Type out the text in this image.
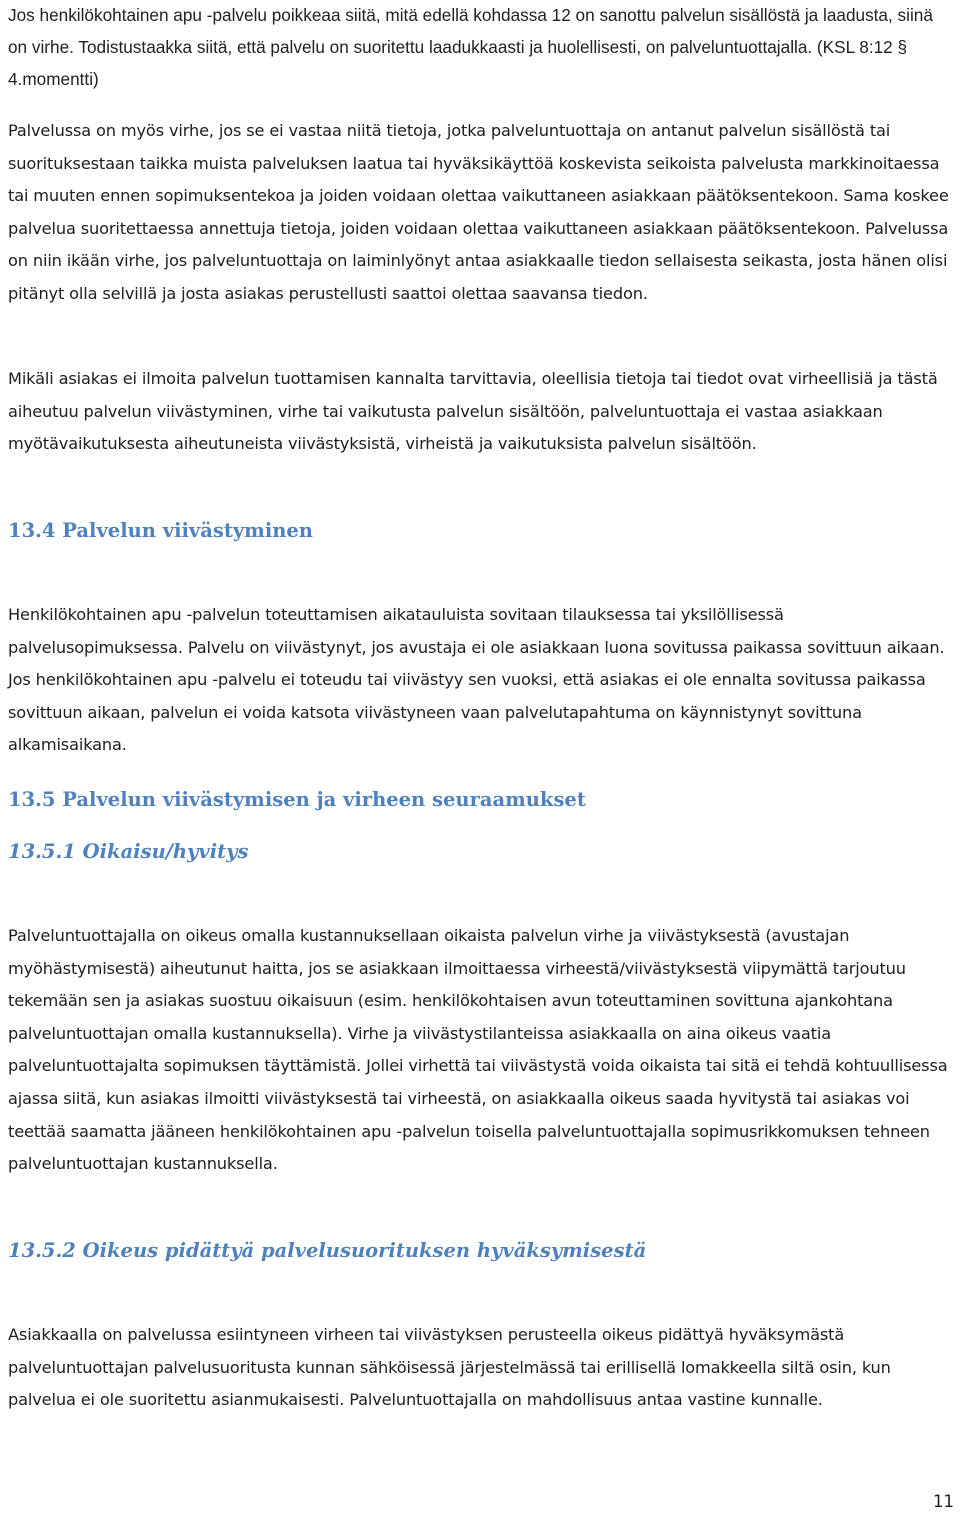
Jos henkilökohtainen apu -palvelu poikkeaa siitä, mitä edellä kohdassa 12 on sanottu palvelun sisällöstä ja laadusta, siinä on virhe. Todistustaakka siitä, että palvelu on suoritettu laadukkaasti ja huolellisesti, on palveluntuottajalla. (KSL 8:12 § 4.momentti)

Palvelussa on myös virhe, jos se ei vastaa niitä tietoja, jotka palveluntuottaja on antanut palvelun sisällöstä tai suorituksestaan taikka muista palveluksen laatua tai hyväksikäyttöä koskevista seikoista palvelusta markkinoitaessa tai muuten ennen sopimuksentekoa ja joiden voidaan olettaa vaikuttaneen asiakkaan päätöksentekoon. Sama koskee palvelua suoritettaessa annettuja tietoja, joiden voidaan olettaa vaikuttaneen asiakkaan päätöksentekoon. Palvelussa on niin ikään virhe, jos palveluntuottaja on laiminlyönyt antaa asiakkaalle tiedon sellaisesta seikasta, josta hänen olisi pitänyt olla selvillä ja josta asiakas perustellusti saattoi olettaa saavansa tiedon.

Mikäli asiakas ei ilmoita palvelun tuottamisen kannalta tarvittavia, oleellisia tietoja tai tiedot ovat virheellisiä ja tästä aiheutuu palvelun viivästyminen, virhe tai vaikutusta palvelun sisältöön, palveluntuottaja ei vastaa asiakkaan myötävaikutuksesta aiheutuneista viivästyksistä, virheistä ja vaikutuksista palvelun sisältöön.

13.4 Palvelun viivästyminen

Henkilökohtainen apu -palvelun toteuttamisen aikatauluista sovitaan tilauksessa tai yksilöllisessä palvelusopimuksessa. Palvelu on viivästynyt, jos avustaja ei ole asiakkaan luona sovitussa paikassa sovittuun aikaan. Jos henkilökohtainen apu -palvelu ei toteudu tai viivästyy sen vuoksi, että asiakas ei ole ennalta sovitussa paikassa sovittuun aikaan, palvelun ei voida katsota viivästyneen vaan palvelutapahtuma on käynnistynyt sovittuna alkamisaikana.

13.5 Palvelun viivästymisen ja virheen seuraamukset
13.5.1 Oikaisu/hyvitys

Palveluntuottajalla on oikeus omalla kustannuksellaan oikaista palvelun virhe ja viivästyksestä (avustajan myöhästymisestä) aiheutunut haitta, jos se asiakkaan ilmoittaessa virheestä/viivästyksestä viipymättä tarjoutuu tekemään sen ja asiakas suostuu oikaisuun (esim. henkilökohtaisen avun toteuttaminen sovittuna ajankohtana palveluntuottajan omalla kustannuksella). Virhe ja viivästystilanteissa asiakkaalla on aina oikeus vaatia palveluntuottajalta sopimuksen täyttämistä. Jollei virhettä tai viivästystä voida oikaista tai sitä ei tehdä kohtuullisessa ajassa siitä, kun asiakas ilmoitti viivästyksestä tai virheestä, on asiakkaalla oikeus saada hyvitystä tai asiakas voi teettää saamatta jääneen henkilökohtainen apu -palvelun toisella palveluntuottajalla sopimusrikkomuksen tehneen palveluntuottajan kustannuksella.

13.5.2 Oikeus pidättyä palvelusuorituksen hyväksymisestä

Asiakkaalla on palvelussa esiintyneen virheen tai viivästyksen perusteella oikeus pidättyä hyväksymästä palveluntuottajan palvelusuoritusta kunnan sähköisessä järjestelmässä tai erillisellä lomakkeella siltä osin, kun palvelua ei ole suoritettu asianmukaisesti. Palveluntuottajalla on mahdollisuus antaa vastine kunnalle.

11
